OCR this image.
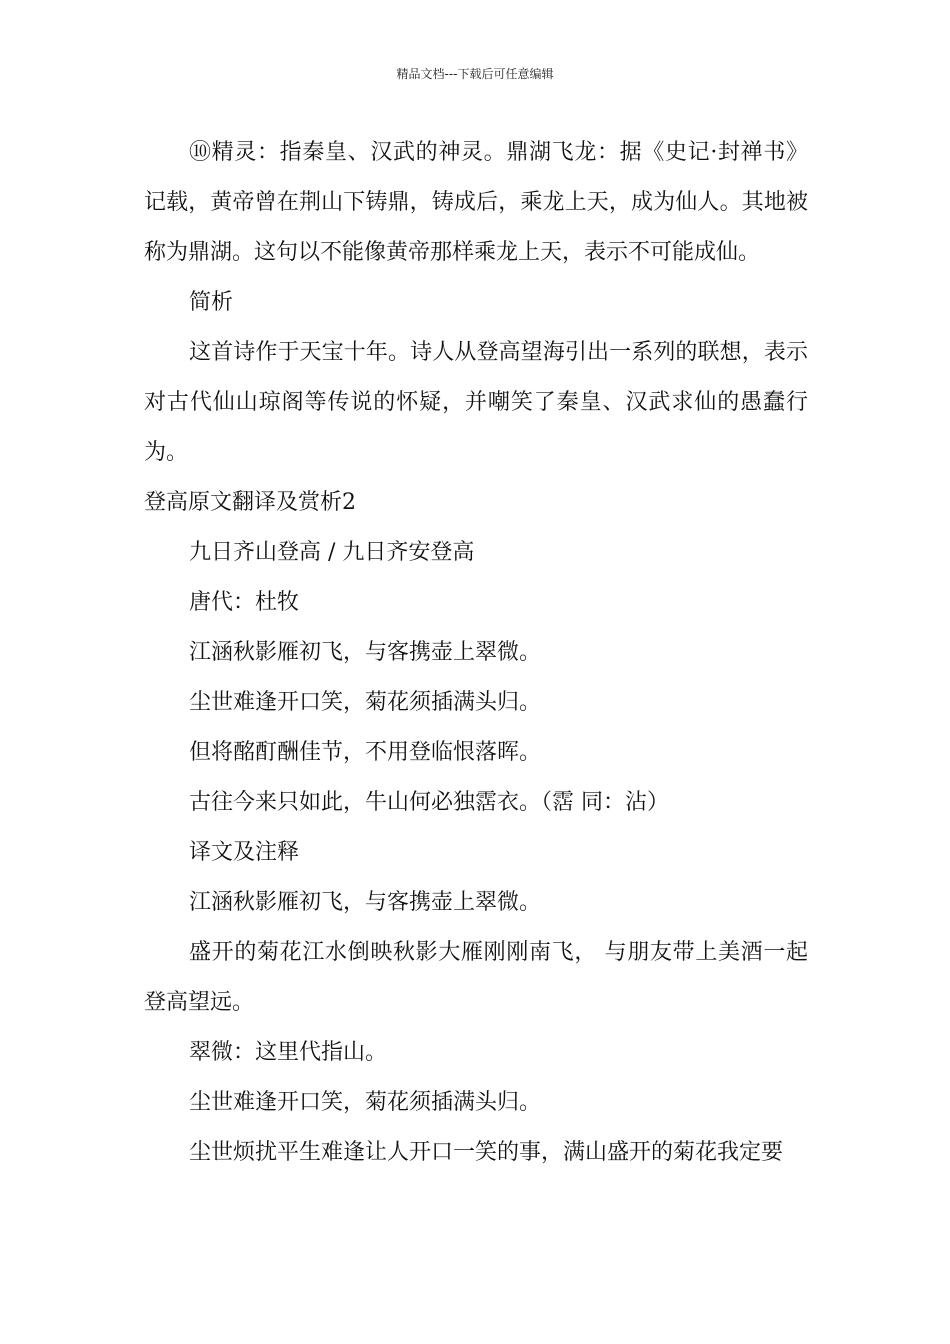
精品文档---下载后可任意编辑

⑩精灵：指秦皇、汉武的神灵。鼎湖飞龙：据《史记·封禅书》记载，黄帝曾在荆山下铸鼎，铸成后，乘龙上天，成为仙人。其地被称为鼎湖。这句以不能像黄帝那样乘龙上天，表示不可能成仙。

简析

这首诗作于天宝十年。诗人从登高望海引出一系列的联想，表示对古代仙山琼阁等传说的怀疑，并嘲笑了秦皇、汉武求仙的愚蠢行为。

登高原文翻译及赏析2

九日齐山登高 / 九日齐安登高

唐代：杜牧

江涵秋影雁初飞，与客携壶上翠微。

尘世难逢开口笑，菊花须插满头归。

但将酩酊酬佳节，不用登临恨落晖。

古往今来只如此，牛山何必独霑衣。（霑 同：沾）

译文及注释

江涵秋影雁初飞，与客携壶上翠微。

盛开的菊花江水倒映秋影大雁刚刚南飞， 与朋友带上美酒一起登高望远。

翠微：这里代指山。

尘世难逢开口笑，菊花须插满头归。

尘世烦扰平生难逢让人开口一笑的事，满山盛开的菊花我定要
